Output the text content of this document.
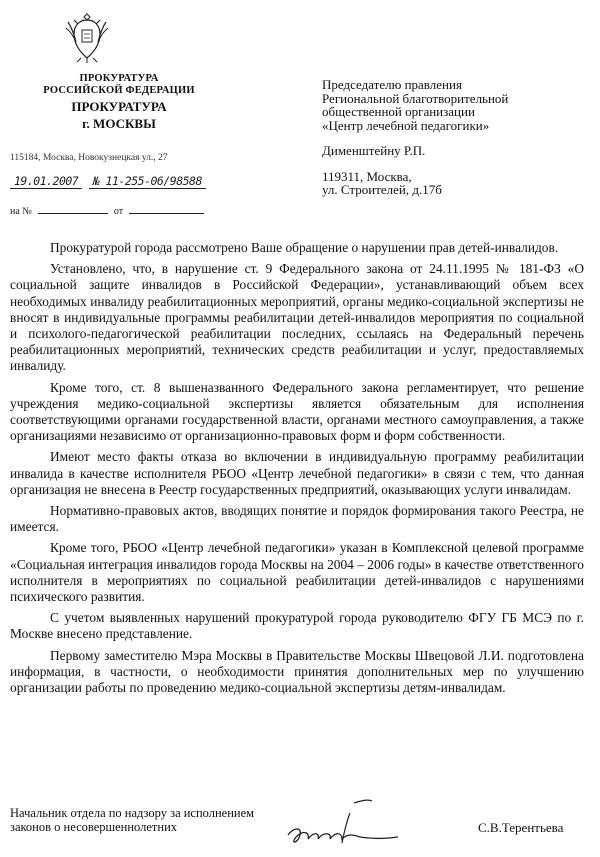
ПРОКУРАТУРА
РОССИЙСКОЙ ФЕДЕРАЦИИ
ПРОКУРАТУРА
г. МОСКВЫ
115184, Москва, Новокузнецкая ул., 27
19.01.2007 № 11-255-06/98588
на №	от
Председателю правления
Региональной благотворительной
общественной организации
«Центр лечебной педагогики»
Дименштейну Р.П.
119311, Москва,
ул. Строителей, д.17б

Прокуратурой города рассмотрено Ваше обращение о нарушении прав детей-инвалидов.

Установлено, что, в нарушение ст. 9 Федерального закона от 24.11.1995 № 181-ФЗ «О социальной защите инвалидов в Российской Федерации», устанавливающий объем всех необходимых инвалиду реабилитационных мероприятий, органы медико-социальной экспертизы не вносят в индивидуальные программы реабилитации детей-инвалидов мероприятия по социальной и психолого-педагогической реабилитации последних, ссылаясь на Федеральный перечень реабилитационных мероприятий, технических средств реабилитации и услуг, предоставляемых инвалиду.

Кроме того, ст. 8 вышеназванного Федерального закона регламентирует, что решение учреждения медико-социальной экспертизы является обязательным для исполнения соответствующими органами государственной власти, органами местного самоуправления, а также организациями независимо от организационно-правовых форм и форм собственности.

Имеют место факты отказа во включении в индивидуальную программу реабилитации инвалида в качестве исполнителя РБОО «Центр лечебной педагогики» в связи с тем, что данная организация не внесена в Реестр государственных предприятий, оказывающих услуги инвалидам.

Нормативно-правовых актов, вводящих понятие и порядок формирования такого Реестра, не имеется.

Кроме того, РБОО «Центр лечебной педагогики» указан в Комплексной целевой программе «Социальная интеграция инвалидов города Москвы на 2004 – 2006 годы» в качестве ответственного исполнителя в мероприятиях по социальной реабилитации детей-инвалидов с нарушениями психического развития.

С учетом выявленных нарушений прокуратурой города руководителю ФГУ ГБ МСЭ по г. Москве внесено представление.

Первому заместителю Мэра Москвы в Правительстве Москвы Швецовой Л.И. подготовлена информация, в частности, о необходимости принятия дополнительных мер по улучшению организации работы по проведению медико-социальной экспертизы детям-инвалидам.

Начальник отдела по надзору за исполнением
законов о несовершеннолетних	С.В.Терентьева
